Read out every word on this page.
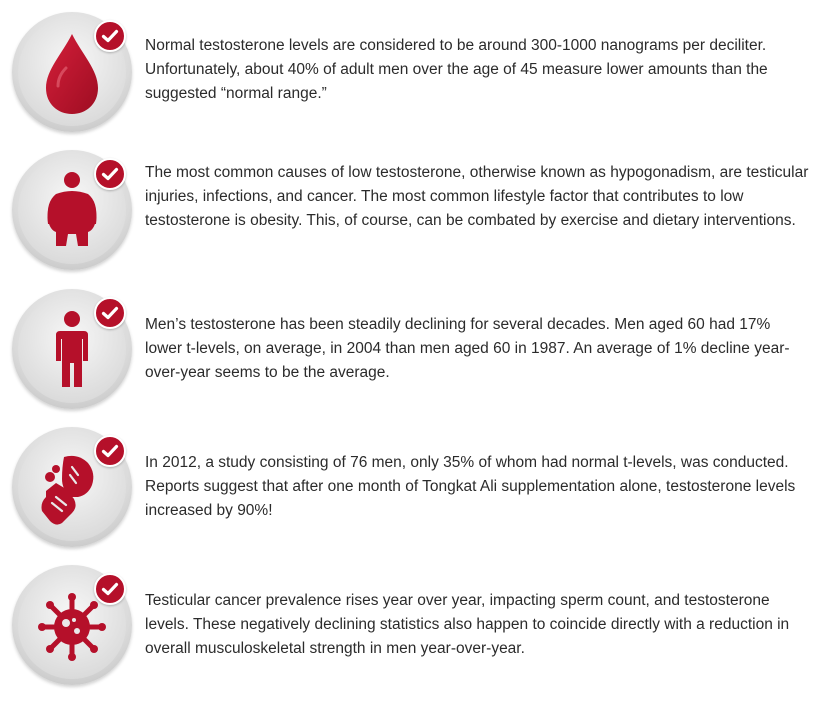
Normal testosterone levels are considered to be around 300-1000 nanograms per deciliter. Unfortunately, about 40% of adult men over the age of 45 measure lower amounts than the suggested “normal range.”

The most common causes of low testosterone, otherwise known as hypogonadism, are testicular injuries, infections, and cancer. The most common lifestyle factor that contributes to low testosterone is obesity. This, of course, can be combated by exercise and dietary interventions.

Men’s testosterone has been steadily declining for several decades. Men aged 60 had 17% lower t-levels, on average, in 2004 than men aged 60 in 1987. An average of 1% decline year-over-year seems to be the average.

In 2012, a study consisting of 76 men, only 35% of whom had normal t-levels, was conducted. Reports suggest that after one month of Tongkat Ali supplementation alone, testosterone levels increased by 90%!

Testicular cancer prevalence rises year over year, impacting sperm count, and testosterone levels. These negatively declining statistics also happen to coincide directly with a reduction in overall musculoskeletal strength in men year-over-year.
